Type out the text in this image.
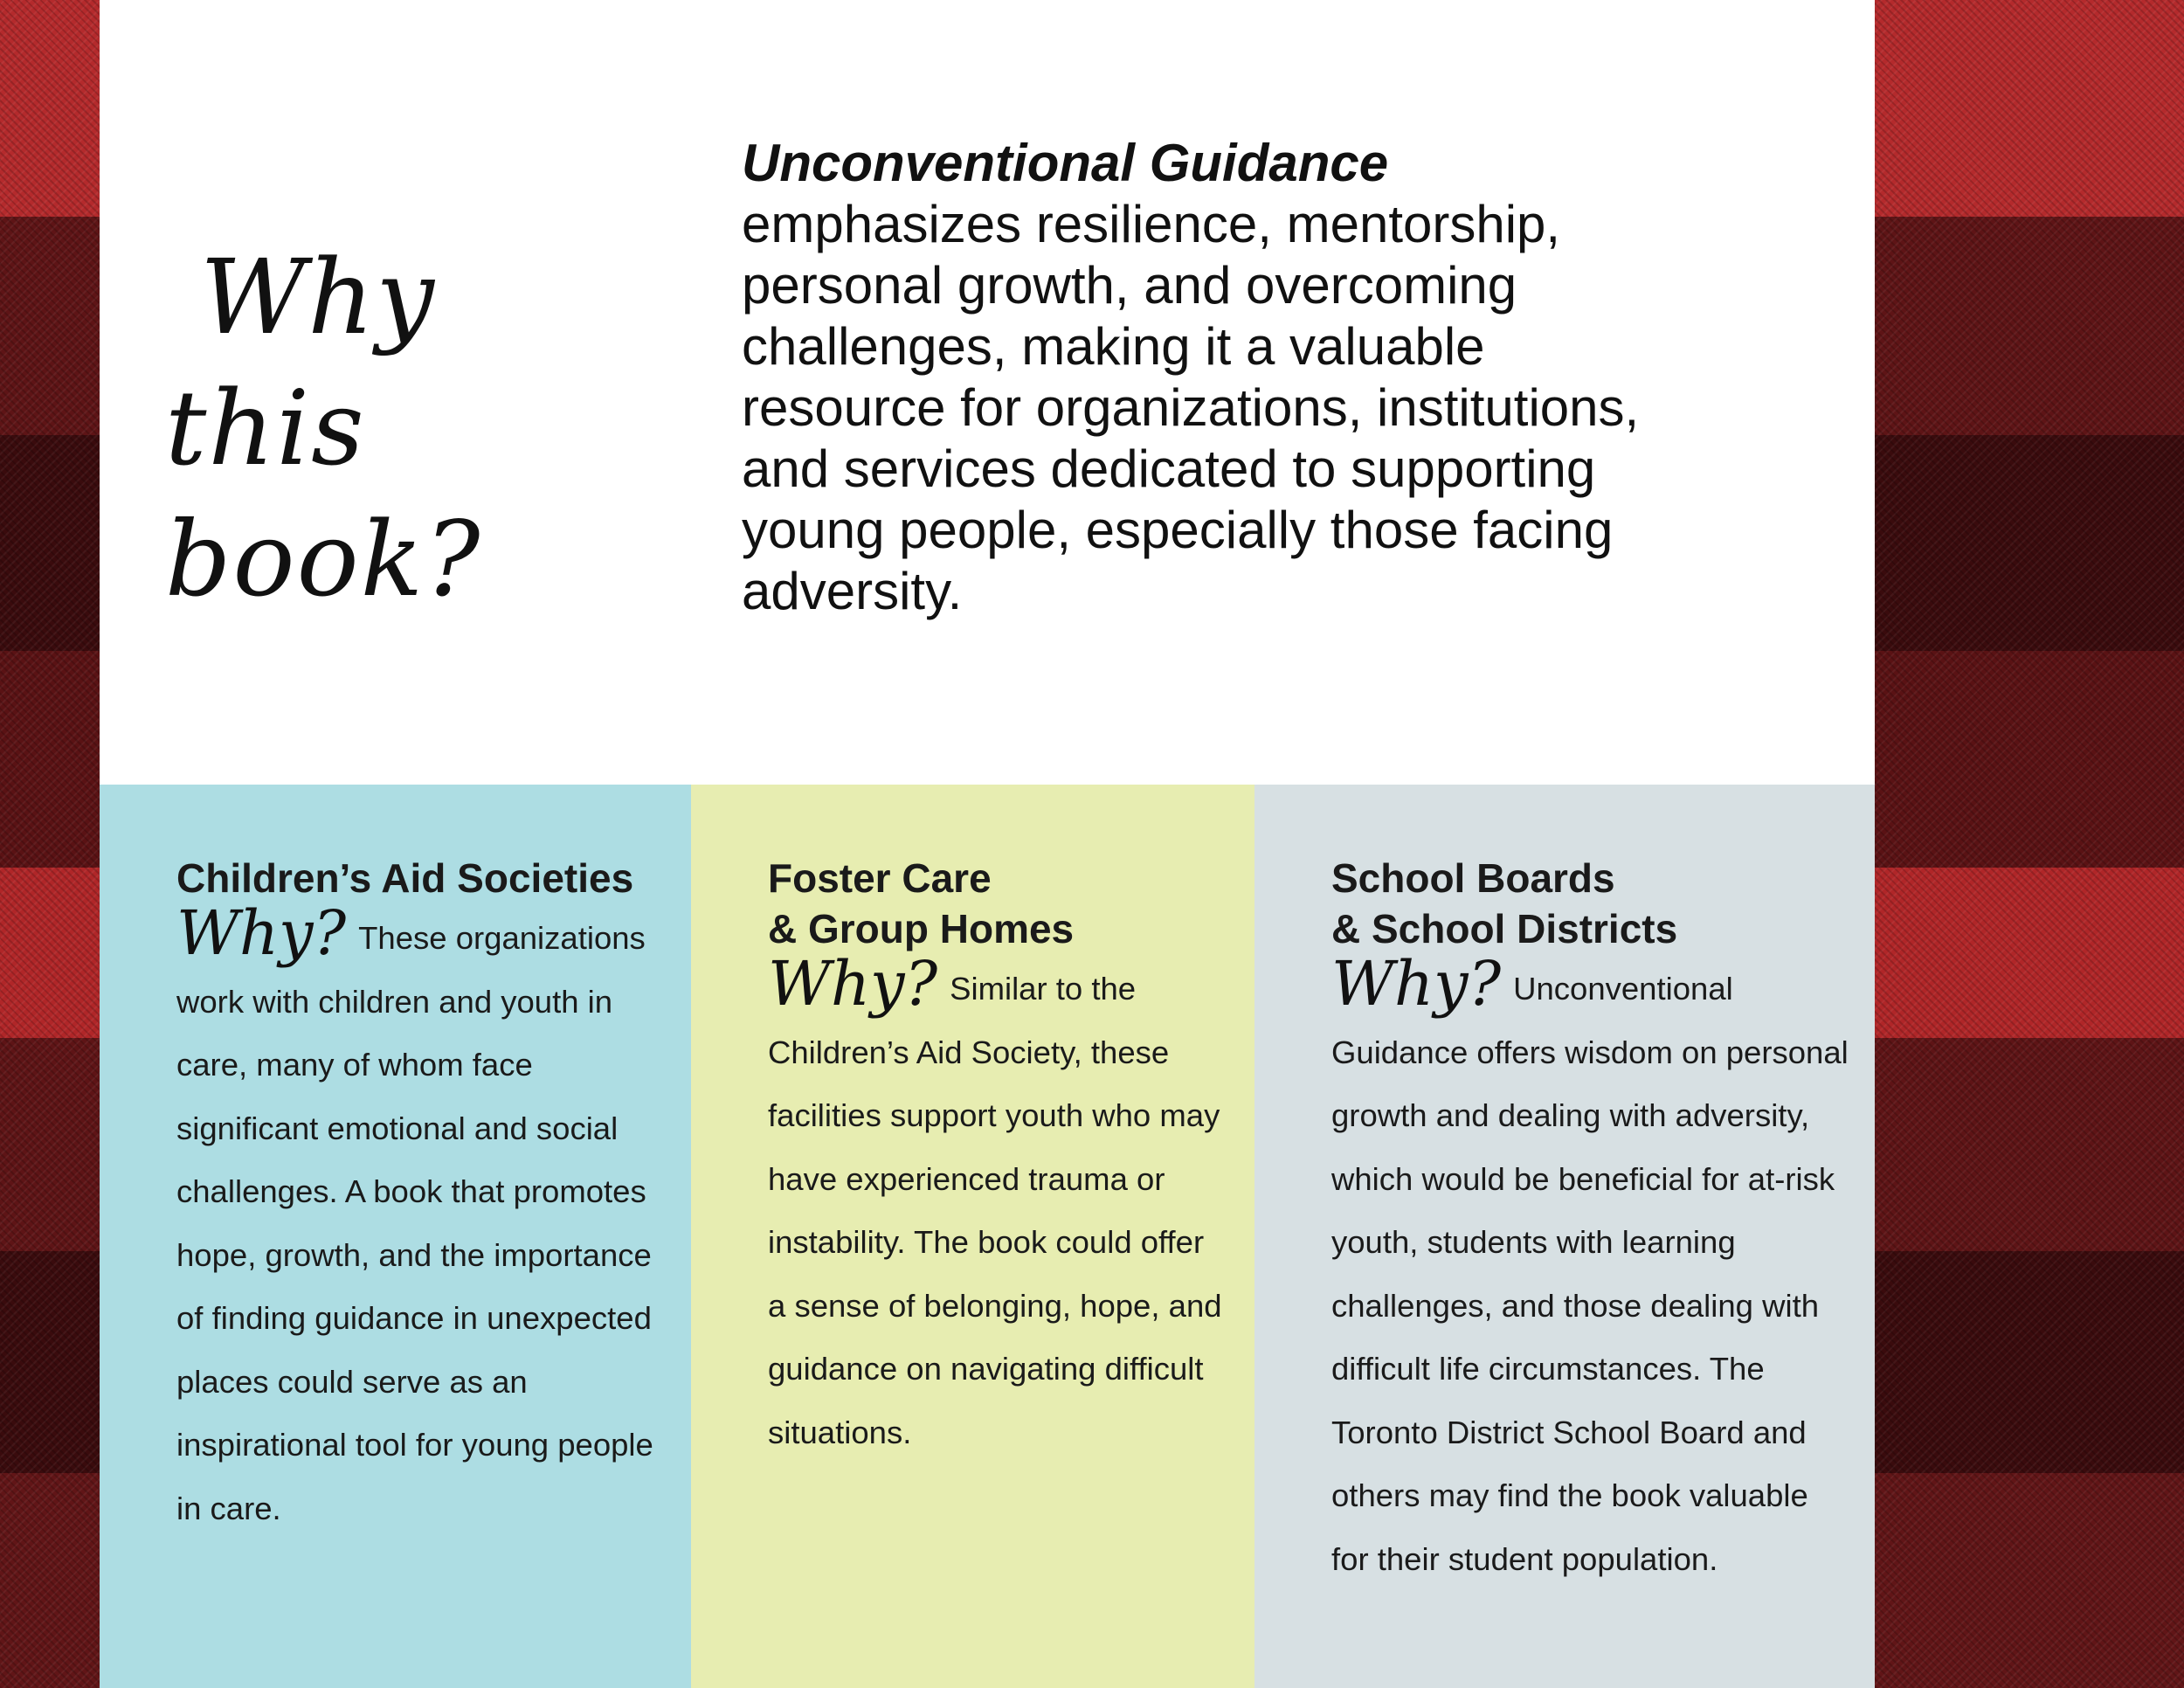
Why
this book?
Unconventional Guidance
emphasizes resilience, mentorship, personal growth, and overcoming challenges, making it a valuable resource for organizations, institutions, and services dedicated to supporting young people, especially those facing adversity.
Children’s Aid Societies

Why? These organizations work with children and youth in care, many of whom face significant emotional and social challenges. A book that promotes hope, growth, and the importance of finding guidance in unexpected places could serve as an inspirational tool for young people in care.

Foster Care
& Group Homes

Why? Similar to the Children’s Aid Society, these facilities support youth who may have experienced trauma or instability. The book could offer a sense of belonging, hope, and guidance on navigating difficult situations.

School Boards
& School Districts

Why? Unconventional Guidance offers wisdom on personal growth and dealing with adversity, which would be beneficial for at-risk youth, students with learning challenges, and those dealing with difficult life circumstances. The Toronto District School Board and others may find the book valuable for their student population.
